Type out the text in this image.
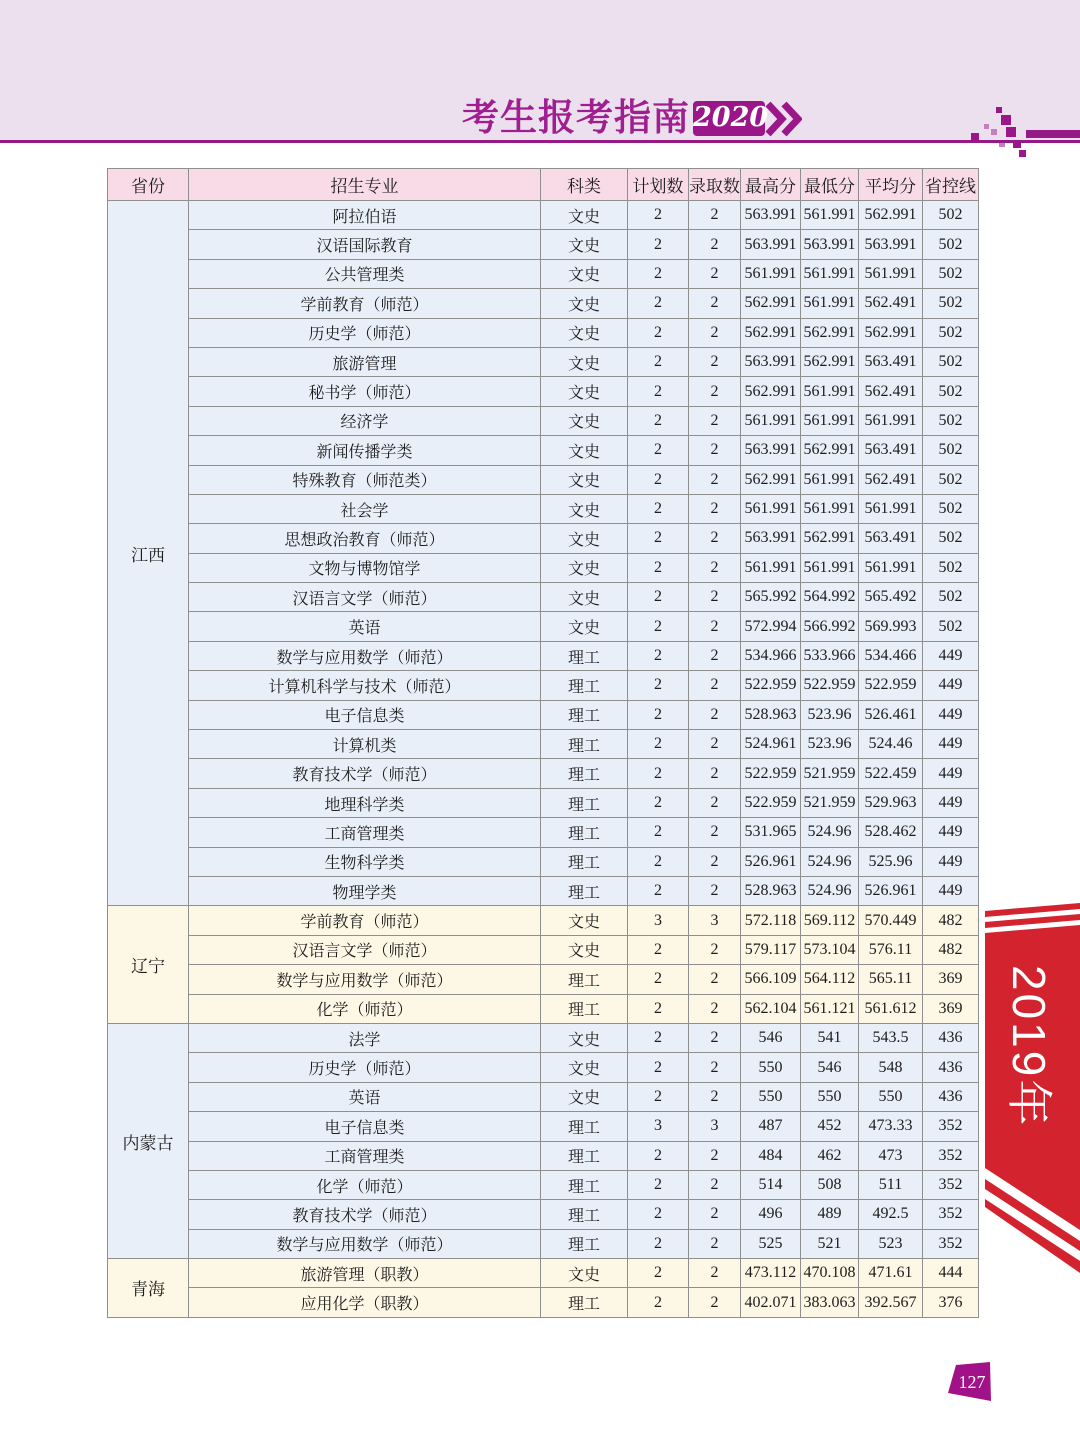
考生报考指南 2020
省份	招生专业	科类	计划数	录取数	最高分	最低分	平均分	省控线
江西	阿拉伯语	文史	2	2	563.991	561.991	562.991	502
	汉语国际教育	文史	2	2	563.991	563.991	563.991	502
	公共管理类	文史	2	2	561.991	561.991	561.991	502
	学前教育（师范）	文史	2	2	562.991	561.991	562.491	502
	历史学（师范）	文史	2	2	562.991	562.991	562.991	502
	旅游管理	文史	2	2	563.991	562.991	563.491	502
	秘书学（师范）	文史	2	2	562.991	561.991	562.491	502
	经济学	文史	2	2	561.991	561.991	561.991	502
	新闻传播学类	文史	2	2	563.991	562.991	563.491	502
	特殊教育（师范类）	文史	2	2	562.991	561.991	562.491	502
	社会学	文史	2	2	561.991	561.991	561.991	502
	思想政治教育（师范）	文史	2	2	563.991	562.991	563.491	502
	文物与博物馆学	文史	2	2	561.991	561.991	561.991	502
	汉语言文学（师范）	文史	2	2	565.992	564.992	565.492	502
	英语	文史	2	2	572.994	566.992	569.993	502
	数学与应用数学（师范）	理工	2	2	534.966	533.966	534.466	449
	计算机科学与技术（师范）	理工	2	2	522.959	522.959	522.959	449
	电子信息类	理工	2	2	528.963	523.96	526.461	449
	计算机类	理工	2	2	524.961	523.96	524.46	449
	教育技术学（师范）	理工	2	2	522.959	521.959	522.459	449
	地理科学类	理工	2	2	522.959	521.959	529.963	449
	工商管理类	理工	2	2	531.965	524.96	528.462	449
	生物科学类	理工	2	2	526.961	524.96	525.96	449
	物理学类	理工	2	2	528.963	524.96	526.961	449
辽宁	学前教育（师范）	文史	3	3	572.118	569.112	570.449	482
	汉语言文学（师范）	文史	2	2	579.117	573.104	576.11	482
	数学与应用数学（师范）	理工	2	2	566.109	564.112	565.11	369
	化学（师范）	理工	2	2	562.104	561.121	561.612	369
内蒙古	法学	文史	2	2	546	541	543.5	436
	历史学（师范）	文史	2	2	550	546	548	436
	英语	文史	2	2	550	550	550	436
	电子信息类	理工	3	3	487	452	473.33	352
	工商管理类	理工	2	2	484	462	473	352
	化学（师范）	理工	2	2	514	508	511	352
	教育技术学（师范）	理工	2	2	496	489	492.5	352
	数学与应用数学（师范）	理工	2	2	525	521	523	352
青海	旅游管理（职教）	文史	2	2	473.112	470.108	471.61	444
	应用化学（职教）	理工	2	2	402.071	383.063	392.567	376
2019年
127
